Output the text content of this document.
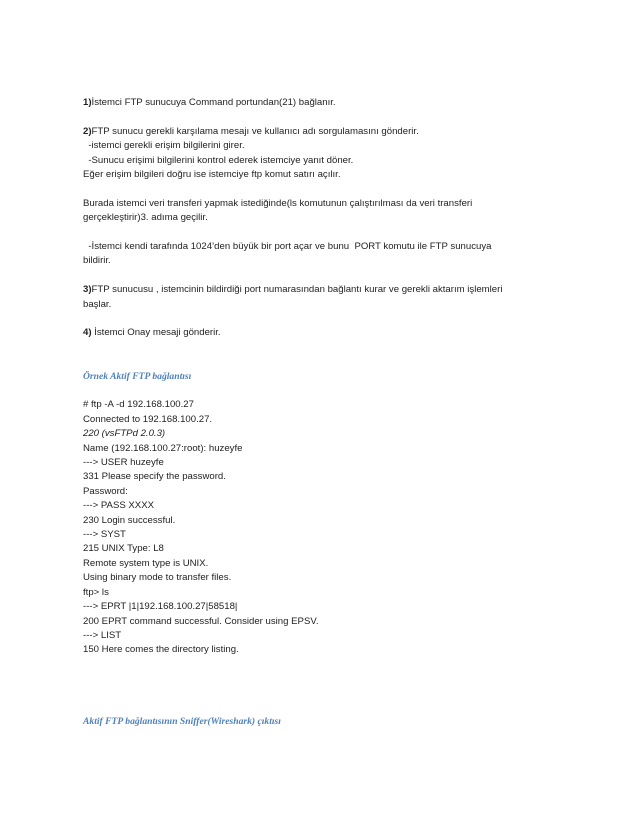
1)İstemci FTP sunucuya Command portundan(21) bağlanır.

2)FTP sunucu gerekli karşılama mesajı ve kullanıcı adı sorgulamasını gönderir.

-istemci gerekli erişim bilgilerini girer.
-Sunucu erişimi bilgilerini kontrol ederek istemciye yanıt döner.
Eğer erişim bilgileri doğru ise istemciye ftp komut satırı açılır.
Burada istemci veri transferi yapmak istediğinde(ls komutunun çalıştırılması da veri transferi
gerçekleştirir)3. adıma geçilir.
-İstemci kendi tarafında 1024’den büyük bir port açar ve bunu  PORT komutu ile FTP sunucuya
bildirir.

3)FTP sunucusu , istemcinin bildirdiği port numarasından bağlantı kurar ve gerekli aktarım işlemleri

başlar.

4) İstemci Onay mesaji gönderir.

Örnek Aktif FTP bağlantısı
# ftp -A -d 192.168.100.27
Connected to 192.168.100.27.
220 (vsFTPd 2.0.3)
Name (192.168.100.27:root): huzeyfe
---> USER huzeyfe
331 Please specify the password.
Password:
---> PASS XXXX
230 Login successful.
---> SYST
215 UNIX Type: L8
Remote system type is UNIX.
Using binary mode to transfer files.
ftp> ls
---> EPRT |1|192.168.100.27|58518|
200 EPRT command successful. Consider using EPSV.
---> LIST
150 Here comes the directory listing.
Aktif FTP bağlantısının Sniffer(Wireshark) çıktısı
